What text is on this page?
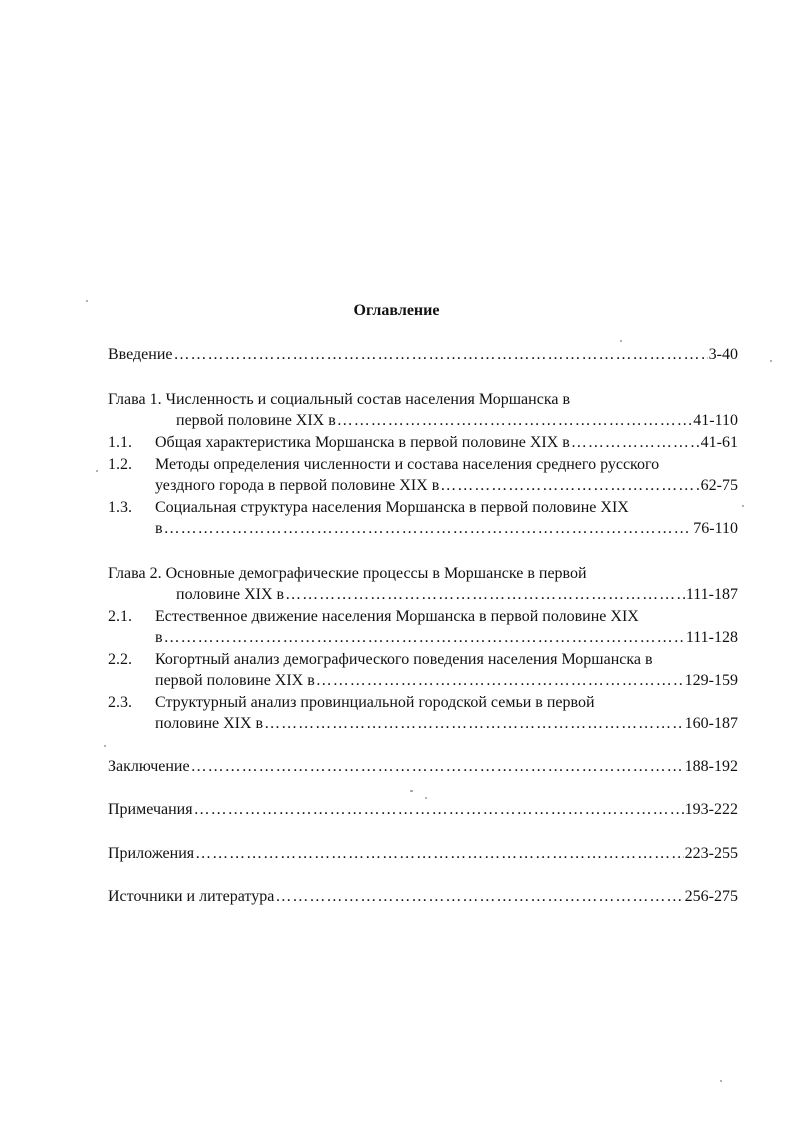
Оглавление
Введение …………………………………………………………………………………………………………………………………………………………………………	3-40
Глава 1. Численность и социальный состав населения Моршанска в
первой половине XIX в …………………………………………………………………………………………………………………………………………………………………………	41-110
1.1. Общая характеристика Моршанска в первой половине XIX в …………………………………………………………………………………………………………………………………………………………………………	41-61
1.2. Методы определения численности и состава населения среднего русского
уездного города в первой половине XIX в …………………………………………………………………………………………………………………………………………………………………………	62-75
1.3. Социальная структура населения Моршанска в первой половине XIX
в …………………………………………………………………………………………………………………………………………………………………………	76-110
Глава 2. Основные демографические процессы в Моршанске в первой
половине XIX в …………………………………………………………………………………………………………………………………………………………………………	111-187
2.1. Естественное движение населения Моршанска в первой половине XIX
в …………………………………………………………………………………………………………………………………………………………………………	111-128
2.2. Когортный анализ демографического поведения населения Моршанска в
первой половине XIX в …………………………………………………………………………………………………………………………………………………………………………	129-159
2.3. Структурный анализ провинциальной городской семьи в первой
половине XIX в …………………………………………………………………………………………………………………………………………………………………………	160-187
Заключение …………………………………………………………………………………………………………………………………………………………………………	188-192
Примечания …………………………………………………………………………………………………………………………………………………………………………	193-222
Приложения …………………………………………………………………………………………………………………………………………………………………………	223-255
Источники и литература …………………………………………………………………………………………………………………………………………………………………………	256-275
